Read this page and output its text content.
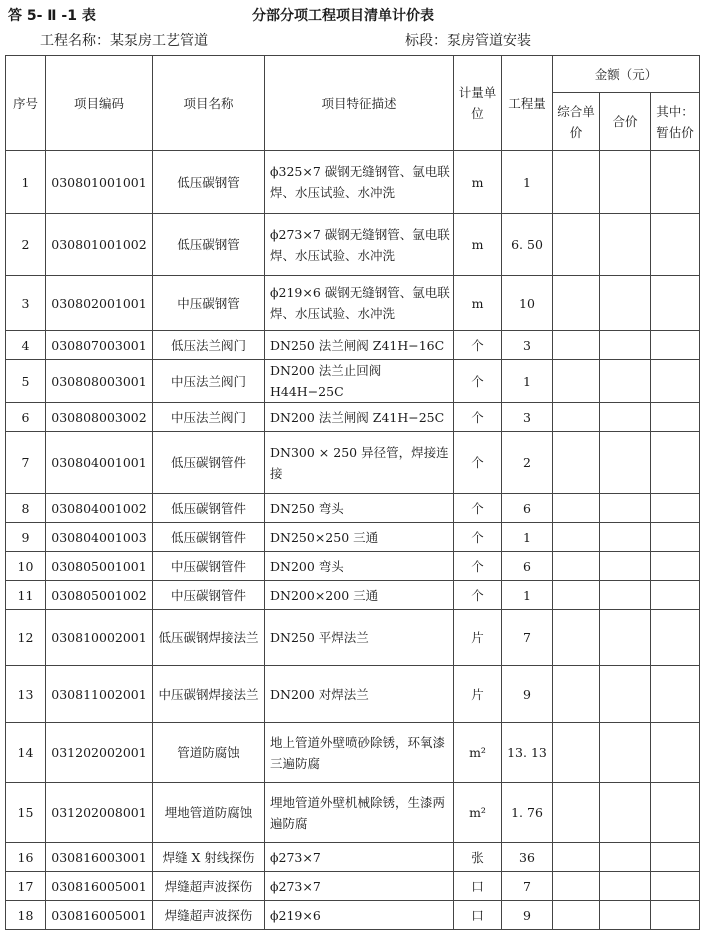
答 5- Ⅱ -1 表	分部分项工程项目清单计价表
工程名称：某泵房工艺管道	标段：泵房管道安装
序号	项目编码	项目名称	项目特征描述	计量单位	工程量	金额（元）		
						综合单价	合价	其中：暂估价
1	030801001001	低压碳钢管	ϕ325×7 碳钢无缝钢管、氩电联焊、水压试验、水冲洗	m	1			
2	030801001002	低压碳钢管	ϕ273×7 碳钢无缝钢管、氩电联焊、水压试验、水冲洗	m	6. 50			
3	030802001001	中压碳钢管	ϕ219×6 碳钢无缝钢管、氩电联焊、水压试验、水冲洗	m	10			
4	030807003001	低压法兰阀门	DN250 法兰闸阀 Z41H−16C	个	3			
5	030808003001	中压法兰阀门	DN200 法兰止回阀 H44H−25C	个	1			
6	030808003002	中压法兰阀门	DN200 法兰闸阀 Z41H−25C	个	3			
7	030804001001	低压碳钢管件	DN300 × 250 异径管，焊接连接	个	2			
8	030804001002	低压碳钢管件	DN250 弯头	个	6			
9	030804001003	低压碳钢管件	DN250×250 三通	个	1			
10	030805001001	中压碳钢管件	DN200 弯头	个	6			
11	030805001002	中压碳钢管件	DN200×200 三通	个	1			
12	030810002001	低压碳钢焊接法兰	DN250 平焊法兰	片	7			
13	030811002001	中压碳钢焊接法兰	DN200 对焊法兰	片	9			
14	031202002001	管道防腐蚀	地上管道外壁喷砂除锈，环氧漆三遍防腐	m²	13. 13			
15	031202008001	埋地管道防腐蚀	埋地管道外壁机械除锈，生漆两遍防腐	m²	1. 76			
16	030816003001	焊缝 X 射线探伤	ϕ273×7	张	36			
17	030816005001	焊缝超声波探伤	ϕ273×7	口	7			
18	030816005001	焊缝超声波探伤	ϕ219×6	口	9			
